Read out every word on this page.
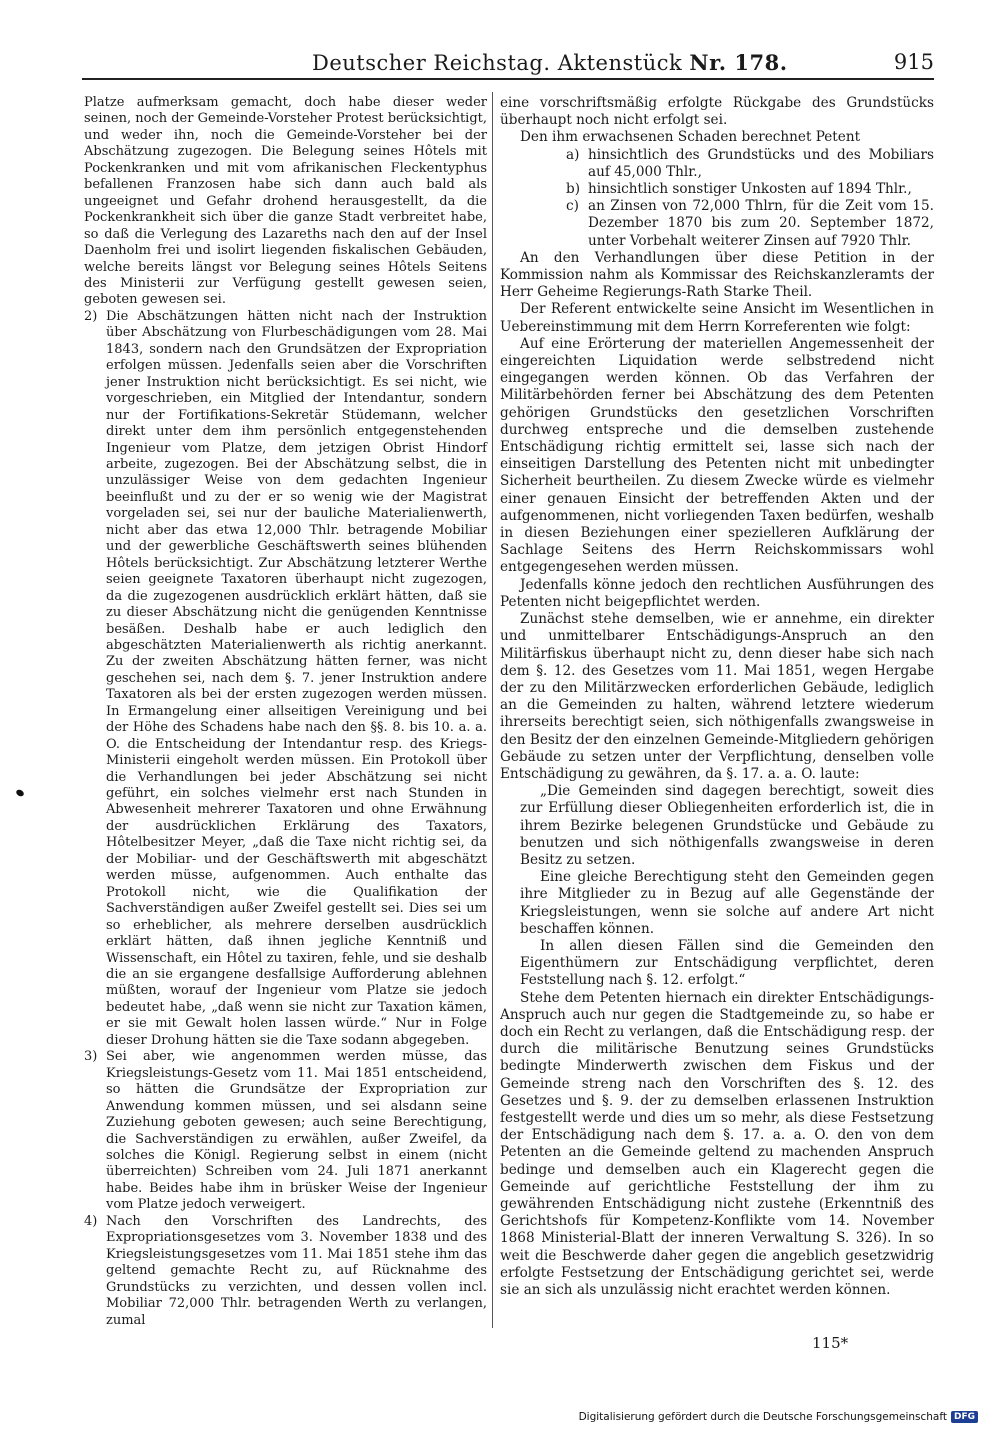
Deutscher Reichstag. Aktenstück Nr. 178.	915

Platze aufmerksam gemacht, doch habe dieser weder seinen, noch der Gemeinde-Vorsteher Protest berücksichtigt, und weder ihn, noch die Gemeinde-Vorsteher bei der Abschätzung zugezogen. Die Belegung seines Hôtels mit Pockenkranken und mit vom afrikanischen Fleckentyphus befallenen Franzosen habe sich dann auch bald als ungeeignet und Gefahr drohend herausgestellt, da die Pockenkrankheit sich über die ganze Stadt verbreitet habe, so daß die Verlegung des Lazareths nach den auf der Insel Daenholm frei und isolirt liegenden fiskalischen Gebäuden, welche bereits längst vor Belegung seines Hôtels Seitens des Ministerii zur Verfügung gestellt gewesen seien, geboten gewesen sei.

2) Die Abschätzungen hätten nicht nach der Instruktion über Abschätzung von Flurbeschädigungen vom 28. Mai 1843, sondern nach den Grundsätzen der Expropriation erfolgen müssen. Jedenfalls seien aber die Vorschriften jener Instruktion nicht berücksichtigt. Es sei nicht, wie vorgeschrieben, ein Mitglied der Intendantur, sondern nur der Fortifikations-Sekretär Stüdemann, welcher direkt unter dem ihm persönlich entgegenstehenden Ingenieur vom Platze, dem jetzigen Obrist Hindorf arbeite, zugezogen. Bei der Abschätzung selbst, die in unzulässiger Weise von dem gedachten Ingenieur beeinflußt und zu der er so wenig wie der Magistrat vorgeladen sei, sei nur der bauliche Materialienwerth, nicht aber das etwa 12,000 Thlr. betragende Mobiliar und der gewerbliche Geschäftswerth seines blühenden Hôtels berücksichtigt. Zur Abschätzung letzterer Werthe seien geeignete Taxatoren überhaupt nicht zugezogen, da die zugezogenen ausdrücklich erklärt hätten, daß sie zu dieser Abschätzung nicht die genügenden Kenntnisse besäßen. Deshalb habe er auch lediglich den abgeschätzten Materialienwerth als richtig anerkannt. Zu der zweiten Abschätzung hätten ferner, was nicht geschehen sei, nach dem §. 7. jener Instruktion andere Taxatoren als bei der ersten zugezogen werden müssen. In Ermangelung einer allseitigen Vereinigung und bei der Höhe des Schadens habe nach den §§. 8. bis 10. a. a. O. die Entscheidung der Intendantur resp. des Kriegs-Ministerii eingeholt werden müssen. Ein Protokoll über die Verhandlungen bei jeder Abschätzung sei nicht geführt, ein solches vielmehr erst nach Stunden in Abwesenheit mehrerer Taxatoren und ohne Erwähnung der ausdrücklichen Erklärung des Taxators, Hôtelbesitzer Meyer, „daß die Taxe nicht richtig sei, da der Mobiliar- und der Geschäftswerth mit abgeschätzt werden müsse, aufgenommen. Auch enthalte das Protokoll nicht, wie die Qualifikation der Sachverständigen außer Zweifel gestellt sei. Dies sei um so erheblicher, als mehrere derselben ausdrücklich erklärt hätten, daß ihnen jegliche Kenntniß und Wissenschaft, ein Hôtel zu taxiren, fehle, und sie deshalb die an sie ergangene desfallsige Aufforderung ablehnen müßten, worauf der Ingenieur vom Platze sie jedoch bedeutet habe, „daß wenn sie nicht zur Taxation kämen, er sie mit Gewalt holen lassen würde.“ Nur in Folge dieser Drohung hätten sie die Taxe sodann abgegeben.

3) Sei aber, wie angenommen werden müsse, das Kriegsleistungs-Gesetz vom 11. Mai 1851 entscheidend, so hätten die Grundsätze der Expropriation zur Anwendung kommen müssen, und sei alsdann seine Zuziehung geboten gewesen; auch seine Berechtigung, die Sachverständigen zu erwählen, außer Zweifel, da solches die Königl. Regierung selbst in einem (nicht überreichten) Schreiben vom 24. Juli 1871 anerkannt habe. Beides habe ihm in brüsker Weise der Ingenieur vom Platze jedoch verweigert.

4) Nach den Vorschriften des Landrechts, des Expropriationsgesetzes vom 3. November 1838 und des Kriegsleistungsgesetzes vom 11. Mai 1851 stehe ihm das geltend gemachte Recht zu, auf Rücknahme des Grundstücks zu verzichten, und dessen vollen incl. Mobiliar 72,000 Thlr. betragenden Werth zu verlangen, zumal

eine vorschriftsmäßig erfolgte Rückgabe des Grundstücks überhaupt noch nicht erfolgt sei.

Den ihm erwachsenen Schaden berechnet Petent

a) hinsichtlich des Grundstücks und des Mobiliars auf 45,000 Thlr.,

b) hinsichtlich sonstiger Unkosten auf 1894 Thlr.,

c) an Zinsen von 72,000 Thlrn, für die Zeit vom 15. Dezember 1870 bis zum 20. September 1872, unter Vorbehalt weiterer Zinsen auf 7920 Thlr.

An den Verhandlungen über diese Petition in der Kommission nahm als Kommissar des Reichskanzleramts der Herr Geheime Regierungs-Rath Starke Theil.

Der Referent entwickelte seine Ansicht im Wesentlichen in Uebereinstimmung mit dem Herrn Korreferenten wie folgt:

Auf eine Erörterung der materiellen Angemessenheit der eingereichten Liquidation werde selbstredend nicht eingegangen werden können. Ob das Verfahren der Militärbehörden ferner bei Abschätzung des dem Petenten gehörigen Grundstücks den gesetzlichen Vorschriften durchweg entspreche und die demselben zustehende Entschädigung richtig ermittelt sei, lasse sich nach der einseitigen Darstellung des Petenten nicht mit unbedingter Sicherheit beurtheilen. Zu diesem Zwecke würde es vielmehr einer genauen Einsicht der betreffenden Akten und der aufgenommenen, nicht vorliegenden Taxen bedürfen, weshalb in diesen Beziehungen einer spezielleren Aufklärung der Sachlage Seitens des Herrn Reichskommissars wohl entgegengesehen werden müssen.

Jedenfalls könne jedoch den rechtlichen Ausführungen des Petenten nicht beigepflichtet werden.

Zunächst stehe demselben, wie er annehme, ein direkter und unmittelbarer Entschädigungs-Anspruch an den Militärfiskus überhaupt nicht zu, denn dieser habe sich nach dem §. 12. des Gesetzes vom 11. Mai 1851, wegen Hergabe der zu den Militärzwecken erforderlichen Gebäude, lediglich an die Gemeinden zu halten, während letztere wiederum ihrerseits berechtigt seien, sich nöthigenfalls zwangsweise in den Besitz der den einzelnen Gemeinde-Mitgliedern gehörigen Gebäude zu setzen unter der Verpflichtung, denselben volle Entschädigung zu gewähren, da §. 17. a. a. O. laute:

„Die Gemeinden sind dagegen berechtigt, soweit dies zur Erfüllung dieser Obliegenheiten erforderlich ist, die in ihrem Bezirke belegenen Grundstücke und Gebäude zu benutzen und sich nöthigenfalls zwangsweise in deren Besitz zu setzen.

Eine gleiche Berechtigung steht den Gemeinden gegen ihre Mitglieder zu in Bezug auf alle Gegenstände der Kriegsleistungen, wenn sie solche auf andere Art nicht beschaffen können.

In allen diesen Fällen sind die Gemeinden den Eigenthümern zur Entschädigung verpflichtet, deren Feststellung nach §. 12. erfolgt.“

Stehe dem Petenten hiernach ein direkter Entschädigungs-Anspruch auch nur gegen die Stadtgemeinde zu, so habe er doch ein Recht zu verlangen, daß die Entschädigung resp. der durch die militärische Benutzung seines Grundstücks bedingte Minderwerth zwischen dem Fiskus und der Gemeinde streng nach den Vorschriften des §. 12. des Gesetzes und §. 9. der zu demselben erlassenen Instruktion festgestellt werde und dies um so mehr, als diese Festsetzung der Entschädigung nach dem §. 17. a. a. O. den von dem Petenten an die Gemeinde geltend zu machenden Anspruch bedinge und demselben auch ein Klagerecht gegen die Gemeinde auf gerichtliche Feststellung der ihm zu gewährenden Entschädigung nicht zustehe (Erkenntniß des Gerichtshofs für Kompetenz-Konflikte vom 14. November 1868 Ministerial-Blatt der inneren Verwaltung S. 326). In so weit die Beschwerde daher gegen die angeblich gesetzwidrig erfolgte Festsetzung der Entschädigung gerichtet sei, werde sie an sich als unzulässig nicht erachtet werden können.

115*
Digitalisierung gefördert durch die Deutsche Forschungsgemeinschaft DFG
